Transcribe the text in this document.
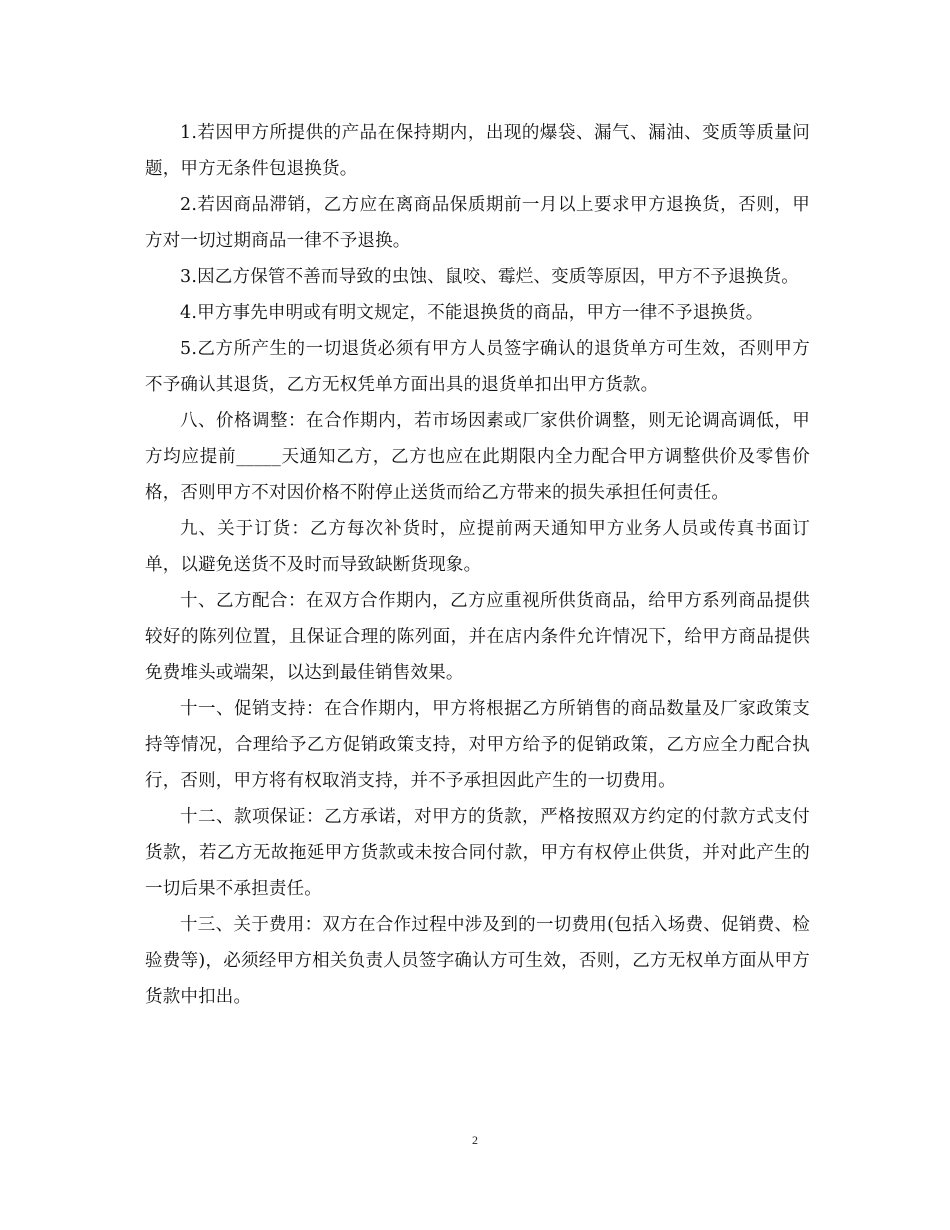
1.若因甲方所提供的产品在保持期内，出现的爆袋、漏气、漏油、变质等质量问题，甲方无条件包退换货。

2.若因商品滞销，乙方应在离商品保质期前一月以上要求甲方退换货，否则，甲方对一切过期商品一律不予退换。

3.因乙方保管不善而导致的虫蚀、鼠咬、霉烂、变质等原因，甲方不予退换货。

4.甲方事先申明或有明文规定，不能退换货的商品，甲方一律不予退换货。

5.乙方所产生的一切退货必须有甲方人员签字确认的退货单方可生效，否则甲方不予确认其退货，乙方无权凭单方面出具的退货单扣出甲方货款。

八、价格调整：在合作期内，若市场因素或厂家供价调整，则无论调高调低，甲方均应提前_____天通知乙方，乙方也应在此期限内全力配合甲方调整供价及零售价格，否则甲方不对因价格不附停止送货而给乙方带来的损失承担任何责任。

九、关于订货：乙方每次补货时，应提前两天通知甲方业务人员或传真书面订单，以避免送货不及时而导致缺断货现象。

十、乙方配合：在双方合作期内，乙方应重视所供货商品，给甲方系列商品提供较好的陈列位置，且保证合理的陈列面，并在店内条件允许情况下，给甲方商品提供免费堆头或端架，以达到最佳销售效果。

十一、促销支持：在合作期内，甲方将根据乙方所销售的商品数量及厂家政策支持等情况，合理给予乙方促销政策支持，对甲方给予的促销政策，乙方应全力配合执行，否则，甲方将有权取消支持，并不予承担因此产生的一切费用。

十二、款项保证：乙方承诺，对甲方的货款，严格按照双方约定的付款方式支付货款，若乙方无故拖延甲方货款或未按合同付款，甲方有权停止供货，并对此产生的一切后果不承担责任。

十三、关于费用：双方在合作过程中涉及到的一切费用(包括入场费、促销费、检验费等)，必须经甲方相关负责人员签字确认方可生效，否则，乙方无权单方面从甲方货款中扣出。

2
